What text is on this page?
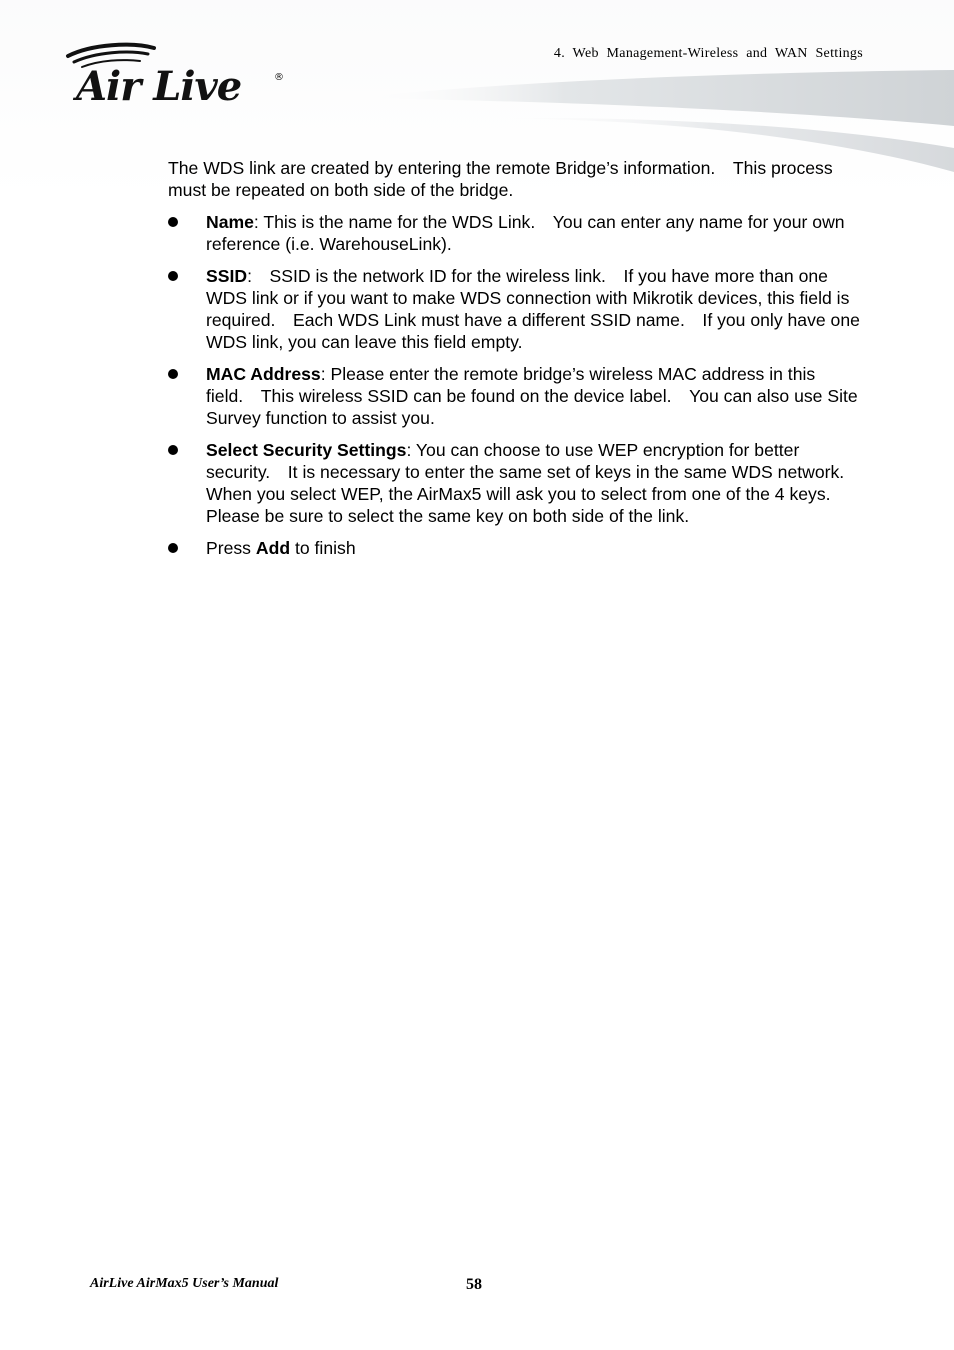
Air Live	®
4. Web Management-Wireless and WAN Settings

The WDS link are created by entering the remote Bridge’s information. This process must be repeated on both side of the bridge.

Name: This is the name for the WDS Link. You can enter any name for your own reference (i.e. WarehouseLink).
SSID: SSID is the network ID for the wireless link. If you have more than one WDS link or if you want to make WDS connection with Mikrotik devices, this field is required. Each WDS Link must have a different SSID name. If you only have one WDS link, you can leave this field empty.
MAC Address: Please enter the remote bridge’s wireless MAC address in this field. This wireless SSID can be found on the device label. You can also use Site Survey function to assist you.
Select Security Settings: You can choose to use WEP encryption for better security. It is necessary to enter the same set of keys in the same WDS network. When you select WEP, the AirMax5 will ask you to select from one of the 4 keys. Please be sure to select the same key on both side of the link.
Press Add to finish
AirLive AirMax5 User’s Manual	58
